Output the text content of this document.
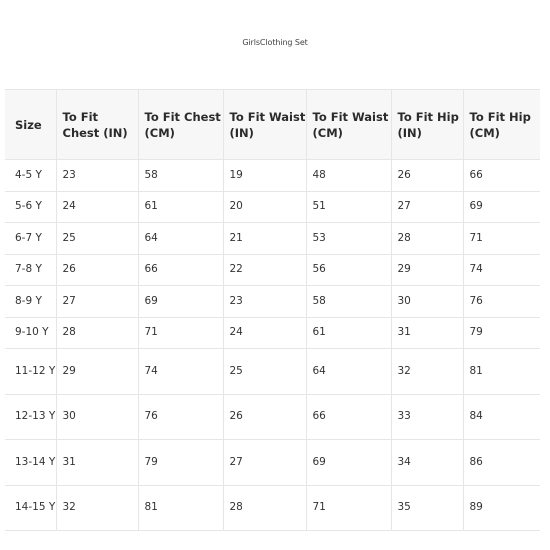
GirlsClothing Set
Size	To Fit Chest (IN)	To Fit Chest (CM)	To Fit Waist (IN)	To Fit Waist (CM)	To Fit Hip (IN)	To Fit Hip (CM)
4-5 Y	23	58	19	48	26	66
5-6 Y	24	61	20	51	27	69
6-7 Y	25	64	21	53	28	71
7-8 Y	26	66	22	56	29	74
8-9 Y	27	69	23	58	30	76
9-10 Y	28	71	24	61	31	79
11-12 Y	29	74	25	64	32	81
12-13 Y	30	76	26	66	33	84
13-14 Y	31	79	27	69	34	86
14-15 Y	32	81	28	71	35	89
